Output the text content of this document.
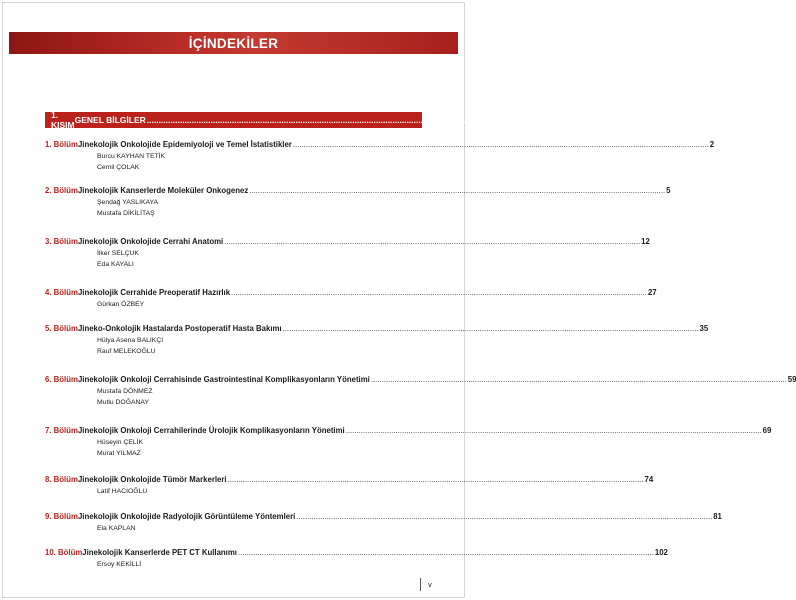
İÇİNDEKİLER
1. KISIM GENEL BİLGİLER ................................................................................................................................................................................................ 1
1. Bölüm Jinekolojik Onkolojide Epidemiyoloji ve Temel İstatistikler ................................................................................................................................................................................................ 2
Burcu KAYHAN TETİK
Cemil ÇOLAK
2. Bölüm Jinekolojik Kanserlerde Moleküler Onkogenez ................................................................................................................................................................................................ 5
Şendağ YASLIKAYA
Mustafa DİKİLİTAŞ
3. Bölüm Jinekolojik Onkolojide Cerrahi Anatomi ................................................................................................................................................................................................ 12
İlker SELÇUK
Eda KAYALI
4. Bölüm Jinekolojik Cerrahide Preoperatif Hazırlık ................................................................................................................................................................................................ 27
Gürkan ÖZBEY
5. Bölüm Jineko-Onkolojik Hastalarda Postoperatif Hasta Bakımı ................................................................................................................................................................................................ 35
Hülya Asena BALIKÇI
Rauf MELEKOĞLU
6. Bölüm Jinekolojik Onkoloji Cerrahisinde Gastrointestinal Komplikasyonların Yönetimi ................................................................................................................................................................................................ 59
Mustafa DÖNMEZ
Mutlu DOĞANAY
7. Bölüm Jinekolojik Onkoloji Cerrahilerinde Ürolojik Komplikasyonların Yönetimi ................................................................................................................................................................................................ 69
Hüseyin ÇELİK
Murat YILMAZ
8. Bölüm Jinekolojik Onkolojide Tümör Markerleri ................................................................................................................................................................................................ 74
Latif HACIOĞLU
9. Bölüm Jinekolojik Onkolojide Radyolojik Görüntüleme Yöntemleri ................................................................................................................................................................................................ 81
Ela KAPLAN
10. Bölüm Jinekolojik Kanserlerde PET CT Kullanımı ................................................................................................................................................................................................ 102
Ersoy KEKİLLİ
v
